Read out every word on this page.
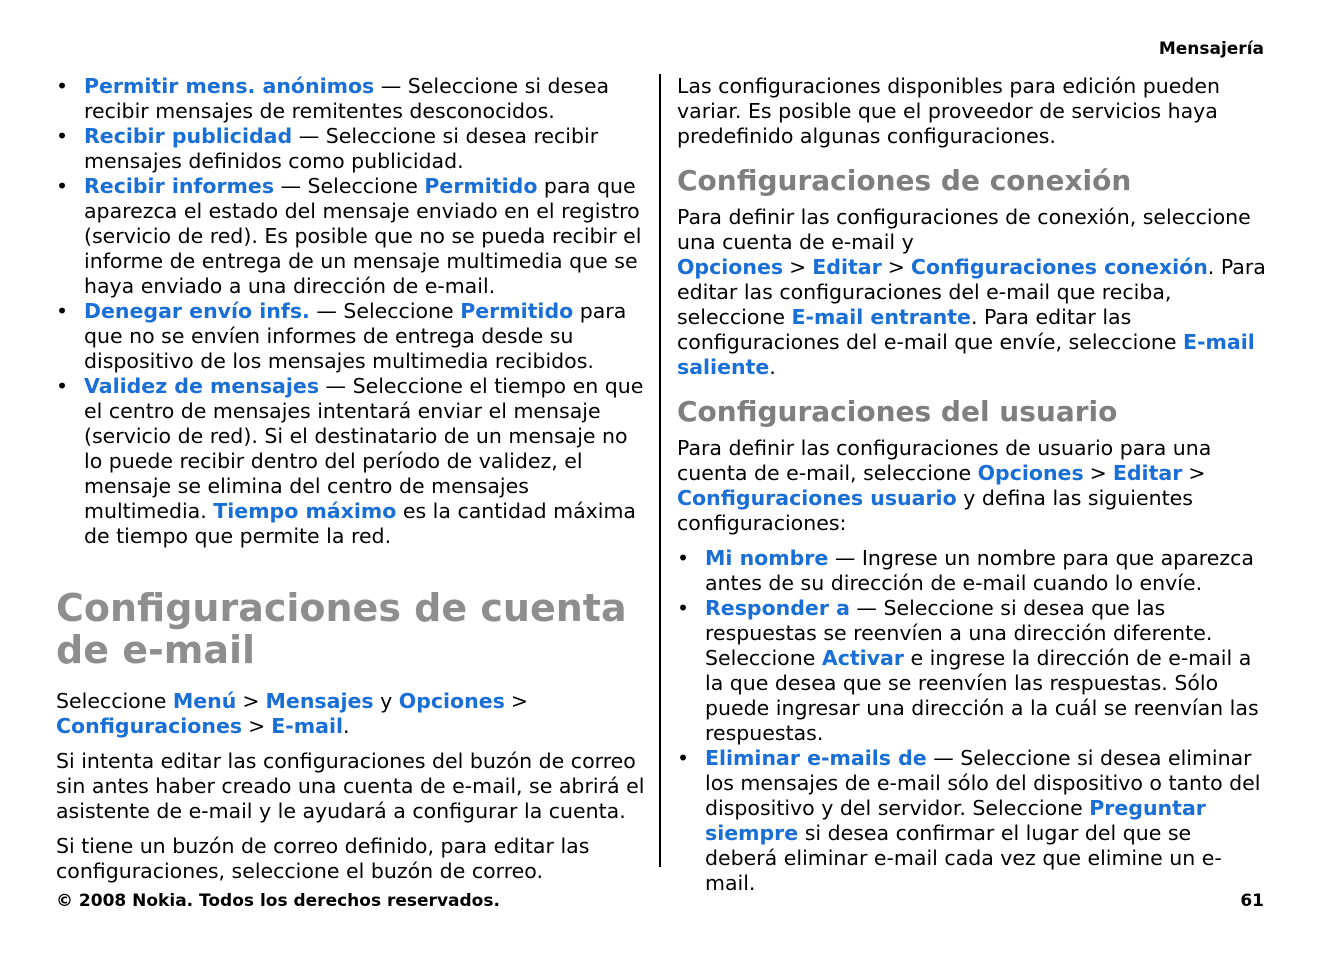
Mensajería
• Permitir mens. anónimos — Seleccione si desea recibir mensajes de remitentes desconocidos.
• Recibir publicidad — Seleccione si desea recibir mensajes definidos como publicidad.
• Recibir informes — Seleccione Permitido para que aparezca el estado del mensaje enviado en el registro (servicio de red). Es posible que no se pueda recibir el informe de entrega de un mensaje multimedia que se haya enviado a una dirección de e-mail.
• Denegar envío infs. — Seleccione Permitido para que no se envíen informes de entrega desde su dispositivo de los mensajes multimedia recibidos.
• Validez de mensajes — Seleccione el tiempo en que el centro de mensajes intentará enviar el mensaje (servicio de red). Si el destinatario de un mensaje no lo puede recibir dentro del período de validez, el mensaje se elimina del centro de mensajes multimedia. Tiempo máximo es la cantidad máxima de tiempo que permite la red.
Configuraciones de cuenta de e-mail

Seleccione Menú > Mensajes y Opciones >
Configuraciones > E-mail.

Si intenta editar las configuraciones del buzón de correo sin antes haber creado una cuenta de e-mail, se abrirá el asistente de e-mail y le ayudará a configurar la cuenta.

Si tiene un buzón de correo definido, para editar las configuraciones, seleccione el buzón de correo.

Las configuraciones disponibles para edición pueden variar. Es posible que el proveedor de servicios haya predefinido algunas configuraciones.

Configuraciones de conexión

Para definir las configuraciones de conexión, seleccione una cuenta de e-mail y Opciones > Editar > Configuraciones conexión. Para editar las configuraciones del e-mail que reciba, seleccione E-mail entrante. Para editar las configuraciones del e-mail que envíe, seleccione E-mail saliente.

Configuraciones del usuario

Para definir las configuraciones de usuario para una cuenta de e-mail, seleccione Opciones > Editar >
Configuraciones usuario y defina las siguientes configuraciones:

• Mi nombre — Ingrese un nombre para que aparezca antes de su dirección de e-mail cuando lo envíe.
• Responder a — Seleccione si desea que las respuestas se reenvíen a una dirección diferente. Seleccione Activar e ingrese la dirección de e-mail a la que desea que se reenvíen las respuestas. Sólo puede ingresar una dirección a la cuál se reenvían las respuestas.
• Eliminar e-mails de — Seleccione si desea eliminar los mensajes de e-mail sólo del dispositivo o tanto del dispositivo y del servidor. Seleccione Preguntar siempre si desea confirmar el lugar del que se deberá eliminar e-mail cada vez que elimine un e-mail.
© 2008 Nokia. Todos los derechos reservados.	61
